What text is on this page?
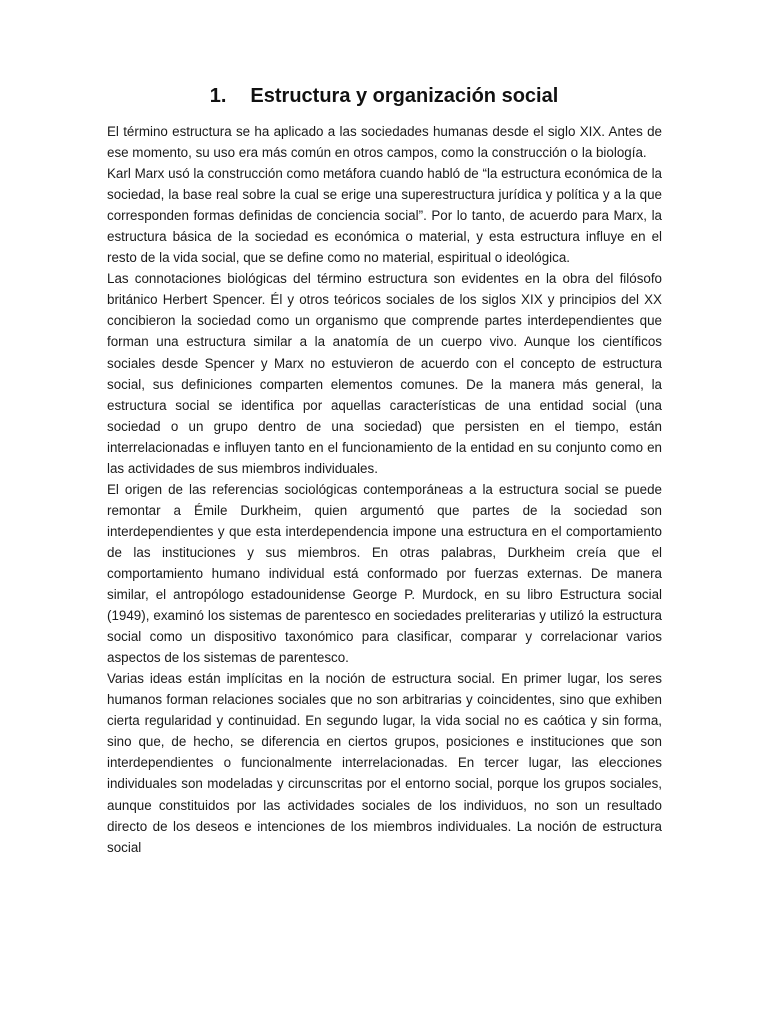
1. Estructura y organización social

El término estructura se ha aplicado a las sociedades humanas desde el siglo XIX. Antes de ese momento, su uso era más común en otros campos, como la construcción o la biología.

Karl Marx usó la construcción como metáfora cuando habló de “la estructura económica de la sociedad, la base real sobre la cual se erige una superestructura jurídica y política y a la que corresponden formas definidas de conciencia social”. Por lo tanto, de acuerdo para Marx, la estructura básica de la sociedad es económica o material, y esta estructura influye en el resto de la vida social, que se define como no material, espiritual o ideológica.

Las connotaciones biológicas del término estructura son evidentes en la obra del filósofo británico Herbert Spencer. Él y otros teóricos sociales de los siglos XIX y principios del XX concibieron la sociedad como un organismo que comprende partes interdependientes que forman una estructura similar a la anatomía de un cuerpo vivo. Aunque los científicos sociales desde Spencer y Marx no estuvieron de acuerdo con el concepto de estructura social, sus definiciones comparten elementos comunes. De la manera más general, la estructura social se identifica por aquellas características de una entidad social (una sociedad o un grupo dentro de una sociedad) que persisten en el tiempo, están interrelacionadas e influyen tanto en el funcionamiento de la entidad en su conjunto como en las actividades de sus miembros individuales.

El origen de las referencias sociológicas contemporáneas a la estructura social se puede remontar a Émile Durkheim, quien argumentó que partes de la sociedad son interdependientes y que esta interdependencia impone una estructura en el comportamiento de las instituciones y sus miembros. En otras palabras, Durkheim creía que el comportamiento humano individual está conformado por fuerzas externas. De manera similar, el antropólogo estadounidense George P. Murdock, en su libro Estructura social (1949), examinó los sistemas de parentesco en sociedades preliterarias y utilizó la estructura social como un dispositivo taxonómico para clasificar, comparar y correlacionar varios aspectos de los sistemas de parentesco.

Varias ideas están implícitas en la noción de estructura social. En primer lugar, los seres humanos forman relaciones sociales que no son arbitrarias y coincidentes, sino que exhiben cierta regularidad y continuidad. En segundo lugar, la vida social no es caótica y sin forma, sino que, de hecho, se diferencia en ciertos grupos, posiciones e instituciones que son interdependientes o funcionalmente interrelacionadas. En tercer lugar, las elecciones individuales son modeladas y circunscritas por el entorno social, porque los grupos sociales, aunque constituidos por las actividades sociales de los individuos, no son un resultado directo de los deseos e intenciones de los miembros individuales. La noción de estructura social
